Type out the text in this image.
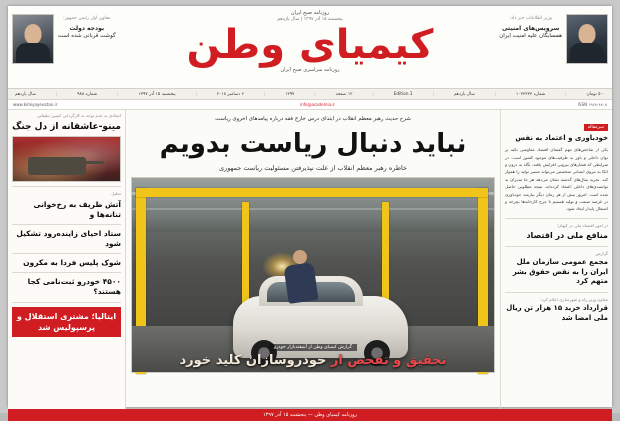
وزیر اطلاعات خبر داد:
سرویس‌های امنیتی
همسایگان علیه امنیت ایران
روزنامه صبح ایران
پنجشنبه ۱۵ آذر ۱۳۹۷ | سال یازدهم
کیمیای وطن
روزنامه سراسری صبح ایران
معاون اول رئیس جمهور:
بودجه دولت
گوشت قربانی شده است
۵۰۰ تومان
|
شماره ۱۰۳۳۳۳۳
|
سال یازدهم
|
Edition.1
|
۱۲ صفحه
|
۱۳۹۷
|
۶ دسامبر ۲۰۱۸
|
پنجشنبه ۱۵ آذر ۱۳۹۷
|
شماره ۹۸۸
|
سال یازدهم
ISSN ۱۹۶۸-۶۸۰۸
info@academia.ir
www.kimiyayevatan.ir
سرمقاله
خودباوری و اعتماد به نفس
یکی از شاخص‌های مهم گفتمان اقتصاد مقاومتی تکیه بر توان داخلی و باور به ظرفیت‌های موجود کشور است. در شرایطی که فشارهای بیرونی افزایش یافته، نگاه به درون و اتکا به نیروی انسانی متخصص می‌تواند مسیر تولید را هموار کند. تجربه سال‌های گذشته نشان می‌دهد هر جا مدیران به توانمندی‌های داخلی اعتماد کرده‌اند، نتیجه مطلوبی حاصل شده است. امروز بیش از هر زمان دیگر نیازمند خودباوری در عرصه صنعت و تولید هستیم تا چرخ کارخانه‌ها بچرخد و اشتغال پایدار ایجاد شود.
در امور اقتصاد ملی در کیهان:
منافع ملی در اقتصاد
گزارش
مجمع عمومی سازمان ملل ایران را به نقض حقوق بشر متهم کرد
معاون وزیر راه و شهرسازی اعلام کرد:
قرارداد خرید ۱۵ هزار تن ریال ملی امضا شد
شرح حدیث رهبر معظم انقلاب در ابتدای درس خارج فقه درباره پیامدهای اخروی ریاست
نباید دنبال ریاست بدویم
خاطره رهبر معظم انقلاب از علت نپذیرفتن مسئولیت ریاست جمهوری
گزارش کیمیای وطن از آشفته‌بازار خودرو
تحقیق و تفحص از خودروسازان کلید خورد
انتقادی به عدم توجه به کارگردانی کمپین تبلیغاتی
مینو-عاشقانه از دل جنگ
تحلیل
آتش ظریف به رخ‌خوانی تنانه‌ها و
ستاد احیای زاینده‌رود تشکیل شود
شوک پلیس فردا به مکرون
۴۵۰۰ خودرو ثبت‌نامی کجا هستند؟
ایتالیا؛ مشتری استقلال و پرسپولیس شد
روزنامه کیمیای وطن — پنجشنبه ۱۵ آذر ۱۳۹۷
